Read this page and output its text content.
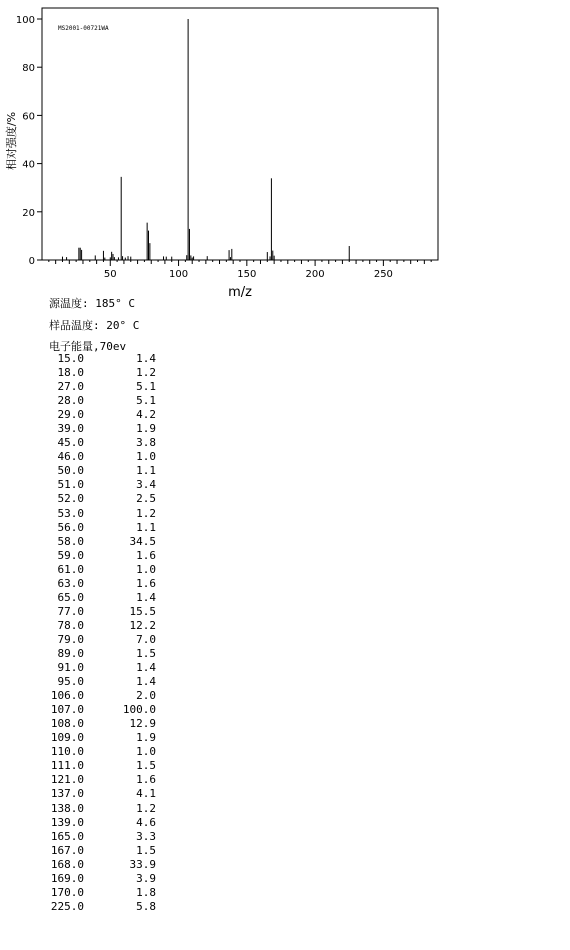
MS2001-00721WA
0
20
40
60
80
100
50	100	150	200	250
m/z
相对强度/%
源温度: 185° C
样品温度: 20° C
电子能量,70ev
15.0	1.4
18.0	1.2
27.0	5.1
28.0	5.1
29.0	4.2
39.0	1.9
45.0	3.8
46.0	1.0
50.0	1.1
51.0	3.4
52.0	2.5
53.0	1.2
56.0	1.1
58.0	34.5
59.0	1.6
61.0	1.0
63.0	1.6
65.0	1.4
77.0	15.5
78.0	12.2
79.0	7.0
89.0	1.5
91.0	1.4
95.0	1.4
106.0	2.0
107.0	100.0
108.0	12.9
109.0	1.9
110.0	1.0
111.0	1.5
121.0	1.6
137.0	4.1
138.0	1.2
139.0	4.6
165.0	3.3
167.0	1.5
168.0	33.9
169.0	3.9
170.0	1.8
225.0	5.8
